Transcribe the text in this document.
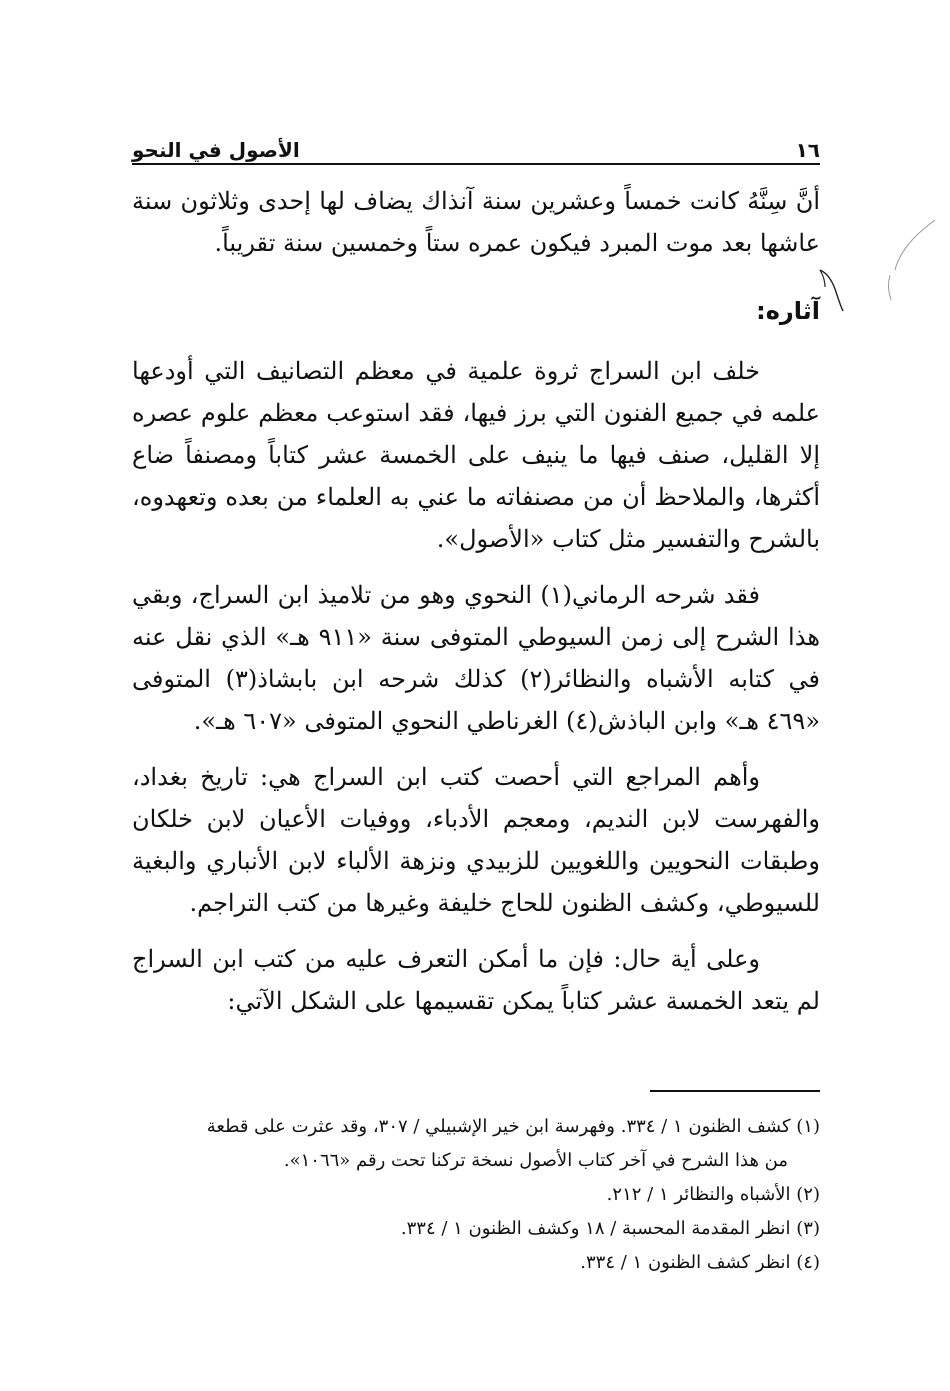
١٦
الأصول في النحو

أنَّ سِنَّهُ كانت خمساً وعشرين سنة آنذاك يضاف لها إحدى وثلاثون سنة عاشها بعد موت المبرد فيكون عمره ستاً وخمسين سنة تقريباً.

آثاره:

خلف ابن السراج ثروة علمية في معظم التصانيف التي أودعها علمه في جميع الفنون التي برز فيها، فقد استوعب معظم علوم عصره إلا القليل، صنف فيها ما ينيف على الخمسة عشر كتاباً ومصنفاً ضاع أكثرها، والملاحظ أن من مصنفاته ما عني به العلماء من بعده وتعهدوه، بالشرح والتفسير مثل كتاب «الأصول».

فقد شرحه الرماني(١) النحوي وهو من تلاميذ ابن السراج، وبقي هذا الشرح إلى زمن السيوطي المتوفى سنة «٩١١ هـ» الذي نقل عنه في كتابه الأشباه والنظائر(٢) كذلك شرحه ابن بابشاذ(٣) المتوفى «٤٦٩ هـ» وابن الباذش(٤) الغرناطي النحوي المتوفى «٦٠٧ هـ».

وأهم المراجع التي أحصت كتب ابن السراج هي: تاريخ بغداد، والفهرست لابن النديم، ومعجم الأدباء، ووفيات الأعيان لابن خلكان وطبقات النحويين واللغويين للزبيدي ونزهة الألباء لابن الأنباري والبغية للسيوطي، وكشف الظنون للحاج خليفة وغيرها من كتب التراجم.

وعلى أية حال: فإن ما أمكن التعرف عليه من كتب ابن السراج لم يتعد الخمسة عشر كتاباً يمكن تقسيمها على الشكل الآتي:

(١) كشف الظنون ١ / ٣٣٤. وفهرسة ابن خير الإشبيلي / ٣٠٧، وقد عثرت على قطعة

من هذا الشرح في آخر كتاب الأصول نسخة تركنا تحت رقم «١٠٦٦».

(٢) الأشباه والنظائر ١ / ٢١٢.

(٣) انظر المقدمة المحسبة / ١٨ وكشف الظنون ١ / ٣٣٤.

(٤) انظر كشف الظنون ١ / ٣٣٤.
